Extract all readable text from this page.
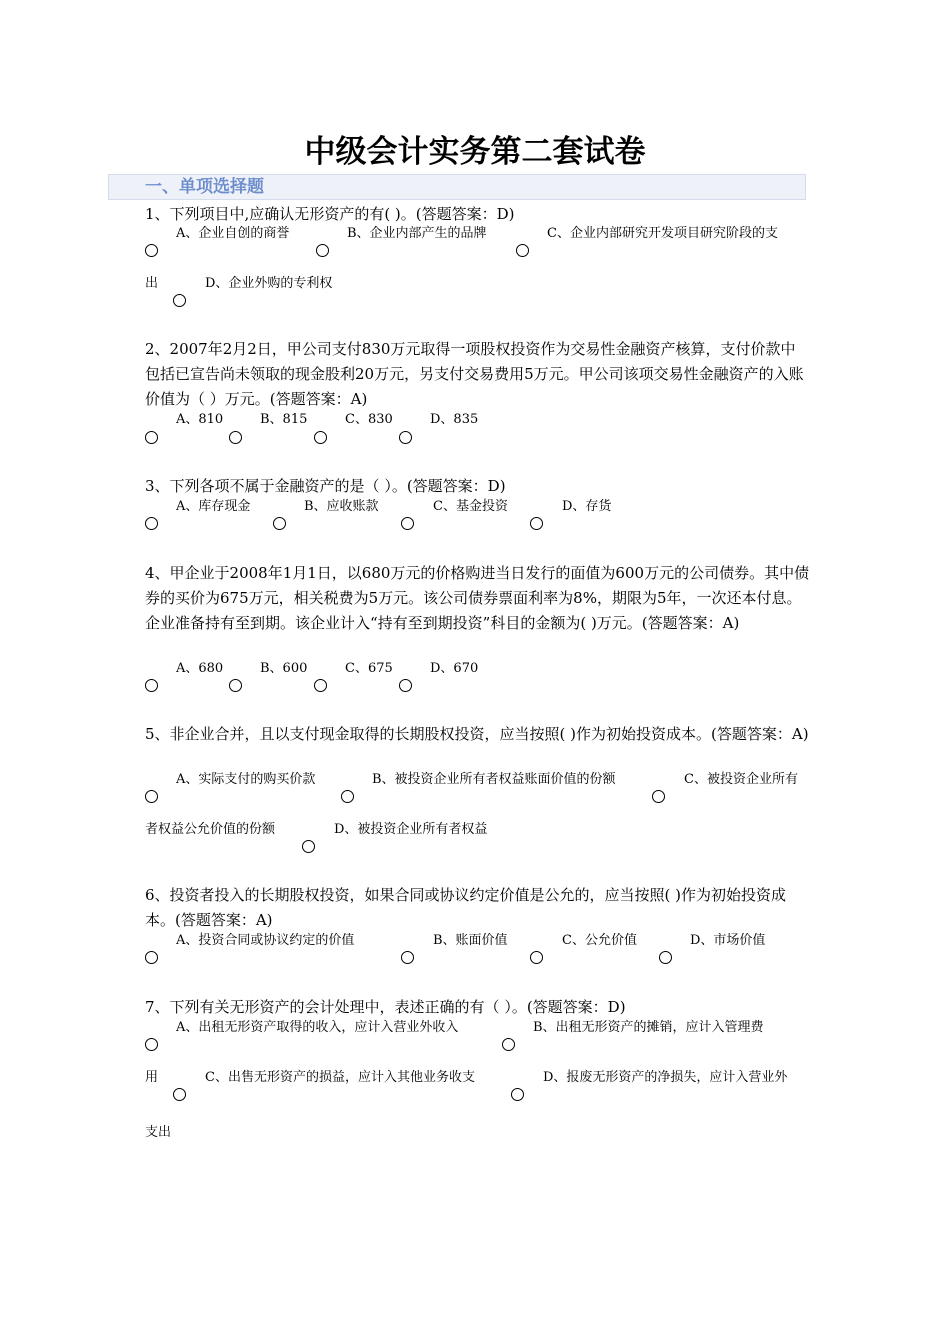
中级会计实务第二套试卷
一、单项选择题

1、下列项目中,应确认无形资产的有( )。(答题答案：D)

A、企业自创的商誉	B、企业内部产生的品牌	C、企业内部研究开发项目研究阶段的支
出	D、企业外购的专利权

2、2007年2月2日，甲公司支付830万元取得一项股权投资作为交易性金融资产核算，支付价款中包括已宣告尚未领取的现金股利20万元，另支付交易费用5万元。甲公司该项交易性金融资产的入账价值为（ ）万元。(答题答案：A)

A、810	B、815	C、830	D、835

3、下列各项不属于金融资产的是（ ）。(答题答案：D)

A、库存现金	B、应收账款	C、基金投资	D、存货

4、甲企业于2008年1月1日，以680万元的价格购进当日发行的面值为600万元的公司债券。其中债券的买价为675万元，相关税费为5万元。该公司债券票面利率为8%，期限为5年，一次还本付息。企业准备持有至到期。该企业计入“持有至到期投资”科目的金额为( )万元。(答题答案：A)

A、680	B、600	C、675	D、670

5、非企业合并，且以支付现金取得的长期股权投资，应当按照( )作为初始投资成本。(答题答案：A)

A、实际支付的购买价款	B、被投资企业所有者权益账面价值的份额	C、被投资企业所有
者权益公允价值的份额	D、被投资企业所有者权益

6、投资者投入的长期股权投资，如果合同或协议约定价值是公允的，应当按照( )作为初始投资成本。(答题答案：A)

A、投资合同或协议约定的价值	B、账面价值	C、公允价值	D、市场价值

7、下列有关无形资产的会计处理中，表述正确的有（ ）。(答题答案：D)

A、出租无形资产取得的收入，应计入营业外收入	B、出租无形资产的摊销，应计入管理费
用	C、出售无形资产的损益，应计入其他业务收支	D、报废无形资产的净损失，应计入营业外
支出
